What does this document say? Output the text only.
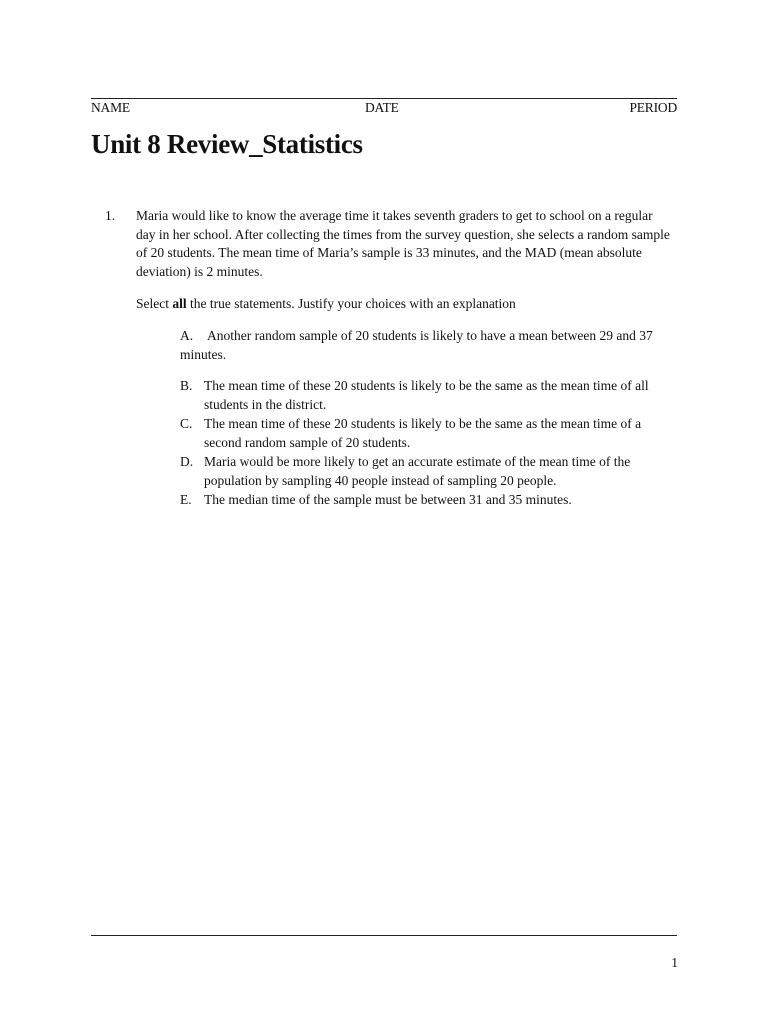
NAME	DATE	PERIOD
Unit 8 Review_Statistics
1. Maria would like to know the average time it takes seventh graders to get to school on a regular day in her school. After collecting the times from the survey question, she selects a random sample of 20 students. The mean time of Maria’s sample is 33 minutes, and the MAD (mean absolute deviation) is 2 minutes.
Select all the true statements. Justify your choices with an explanation
A. Another random sample of 20 students is likely to have a mean between 29 and 37 minutes.
B. The mean time of these 20 students is likely to be the same as the mean time of all students in the district.
C. The mean time of these 20 students is likely to be the same as the mean time of a second random sample of 20 students.
D. Maria would be more likely to get an accurate estimate of the mean time of the population by sampling 40 people instead of sampling 20 people.
E. The median time of the sample must be between 31 and 35 minutes.
1
